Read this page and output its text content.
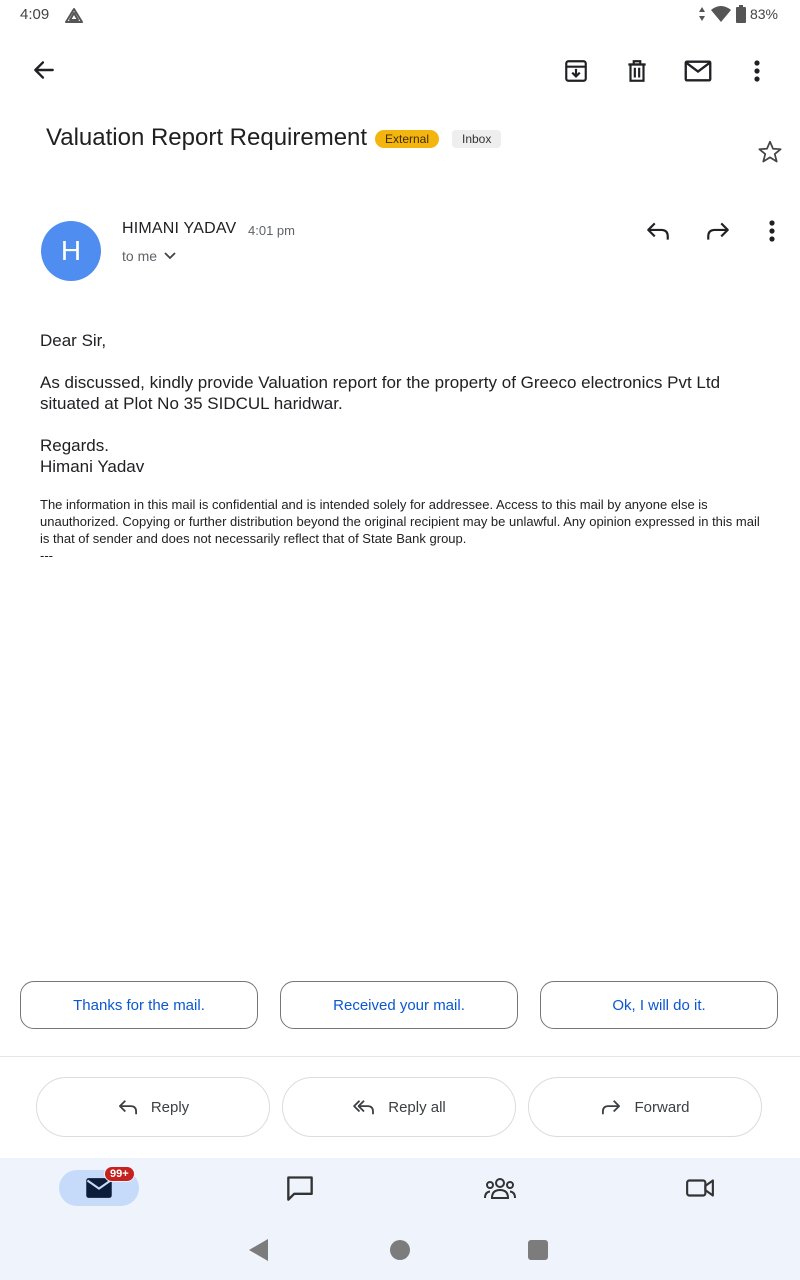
4:09	83%
Valuation Report Requirement	External	Inbox
H
HIMANI YADAV 4:01 pm
to me

Dear Sir,

As discussed, kindly provide Valuation report for the property of Greeco electronics Pvt Ltd situated at Plot No 35 SIDCUL haridwar.

Regards.

Himani Yadav

The information in this mail is confidential and is intended solely for addressee. Access to this mail by anyone else is unauthorized. Copying or further distribution beyond the original recipient may be unlawful. Any opinion expressed in this mail is that of sender and does not necessarily reflect that of State Bank group.
---
Thanks for the mail.	Received your mail.	Ok, I will do it.
Reply	Reply all	Forward
99+
